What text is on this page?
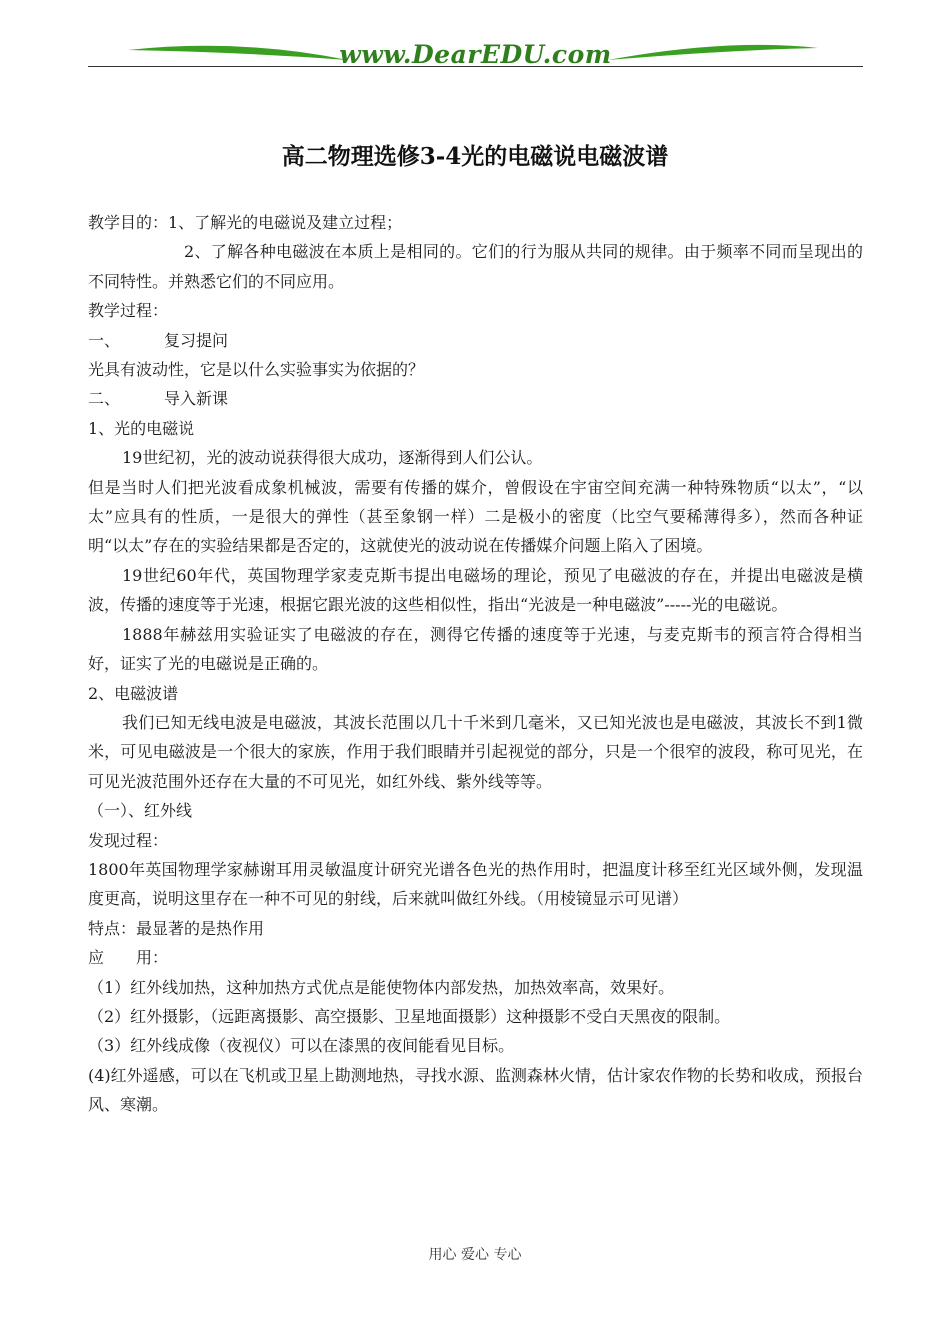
www.DearEDU.com
高二物理选修3-4光的电磁说电磁波谱

教学目的：1、了解光的电磁说及建立过程；

2、了解各种电磁波在本质上是相同的。它们的行为服从共同的规律。由于频率不同而呈现出的不同特性。并熟悉它们的不同应用。

教学过程：

一、	复习提问

光具有波动性，它是以什么实验事实为依据的？

二、	导入新课

1、光的电磁说

19世纪初，光的波动说获得很大成功，逐渐得到人们公认。

但是当时人们把光波看成象机械波，需要有传播的媒介，曾假设在宇宙空间充满一种特殊物质“以太”，“以太”应具有的性质，一是很大的弹性（甚至象钢一样）二是极小的密度（比空气要稀薄得多），然而各种证明“以太”存在的实验结果都是否定的，这就使光的波动说在传播媒介问题上陷入了困境。

19世纪60年代，英国物理学家麦克斯韦提出电磁场的理论，预见了电磁波的存在，并提出电磁波是横波，传播的速度等于光速，根据它跟光波的这些相似性，指出“光波是一种电磁波”-----光的电磁说。

1888年赫兹用实验证实了电磁波的存在，测得它传播的速度等于光速，与麦克斯韦的预言符合得相当好，证实了光的电磁说是正确的。

2、电磁波谱

我们已知无线电波是电磁波，其波长范围以几十千米到几毫米，又已知光波也是电磁波，其波长不到1微米，可见电磁波是一个很大的家族，作用于我们眼睛并引起视觉的部分，只是一个很窄的波段，称可见光，在可见光波范围外还存在大量的不可见光，如红外线、紫外线等等。

（一）、红外线

发现过程：

1800年英国物理学家赫谢耳用灵敏温度计研究光谱各色光的热作用时，把温度计移至红光区域外侧，发现温度更高，说明这里存在一种不可见的射线，后来就叫做红外线。（用棱镜显示可见谱）

特点：最显著的是热作用

应　　用：

（1）红外线加热，这种加热方式优点是能使物体内部发热，加热效率高，效果好。

（2）红外摄影，（远距离摄影、高空摄影、卫星地面摄影）这种摄影不受白天黑夜的限制。

（3）红外线成像（夜视仪）可以在漆黑的夜间能看见目标。

(4)红外遥感，可以在飞机或卫星上勘测地热，寻找水源、监测森林火情，估计家农作物的长势和收成，预报台风、寒潮。

用心 爱心 专心
